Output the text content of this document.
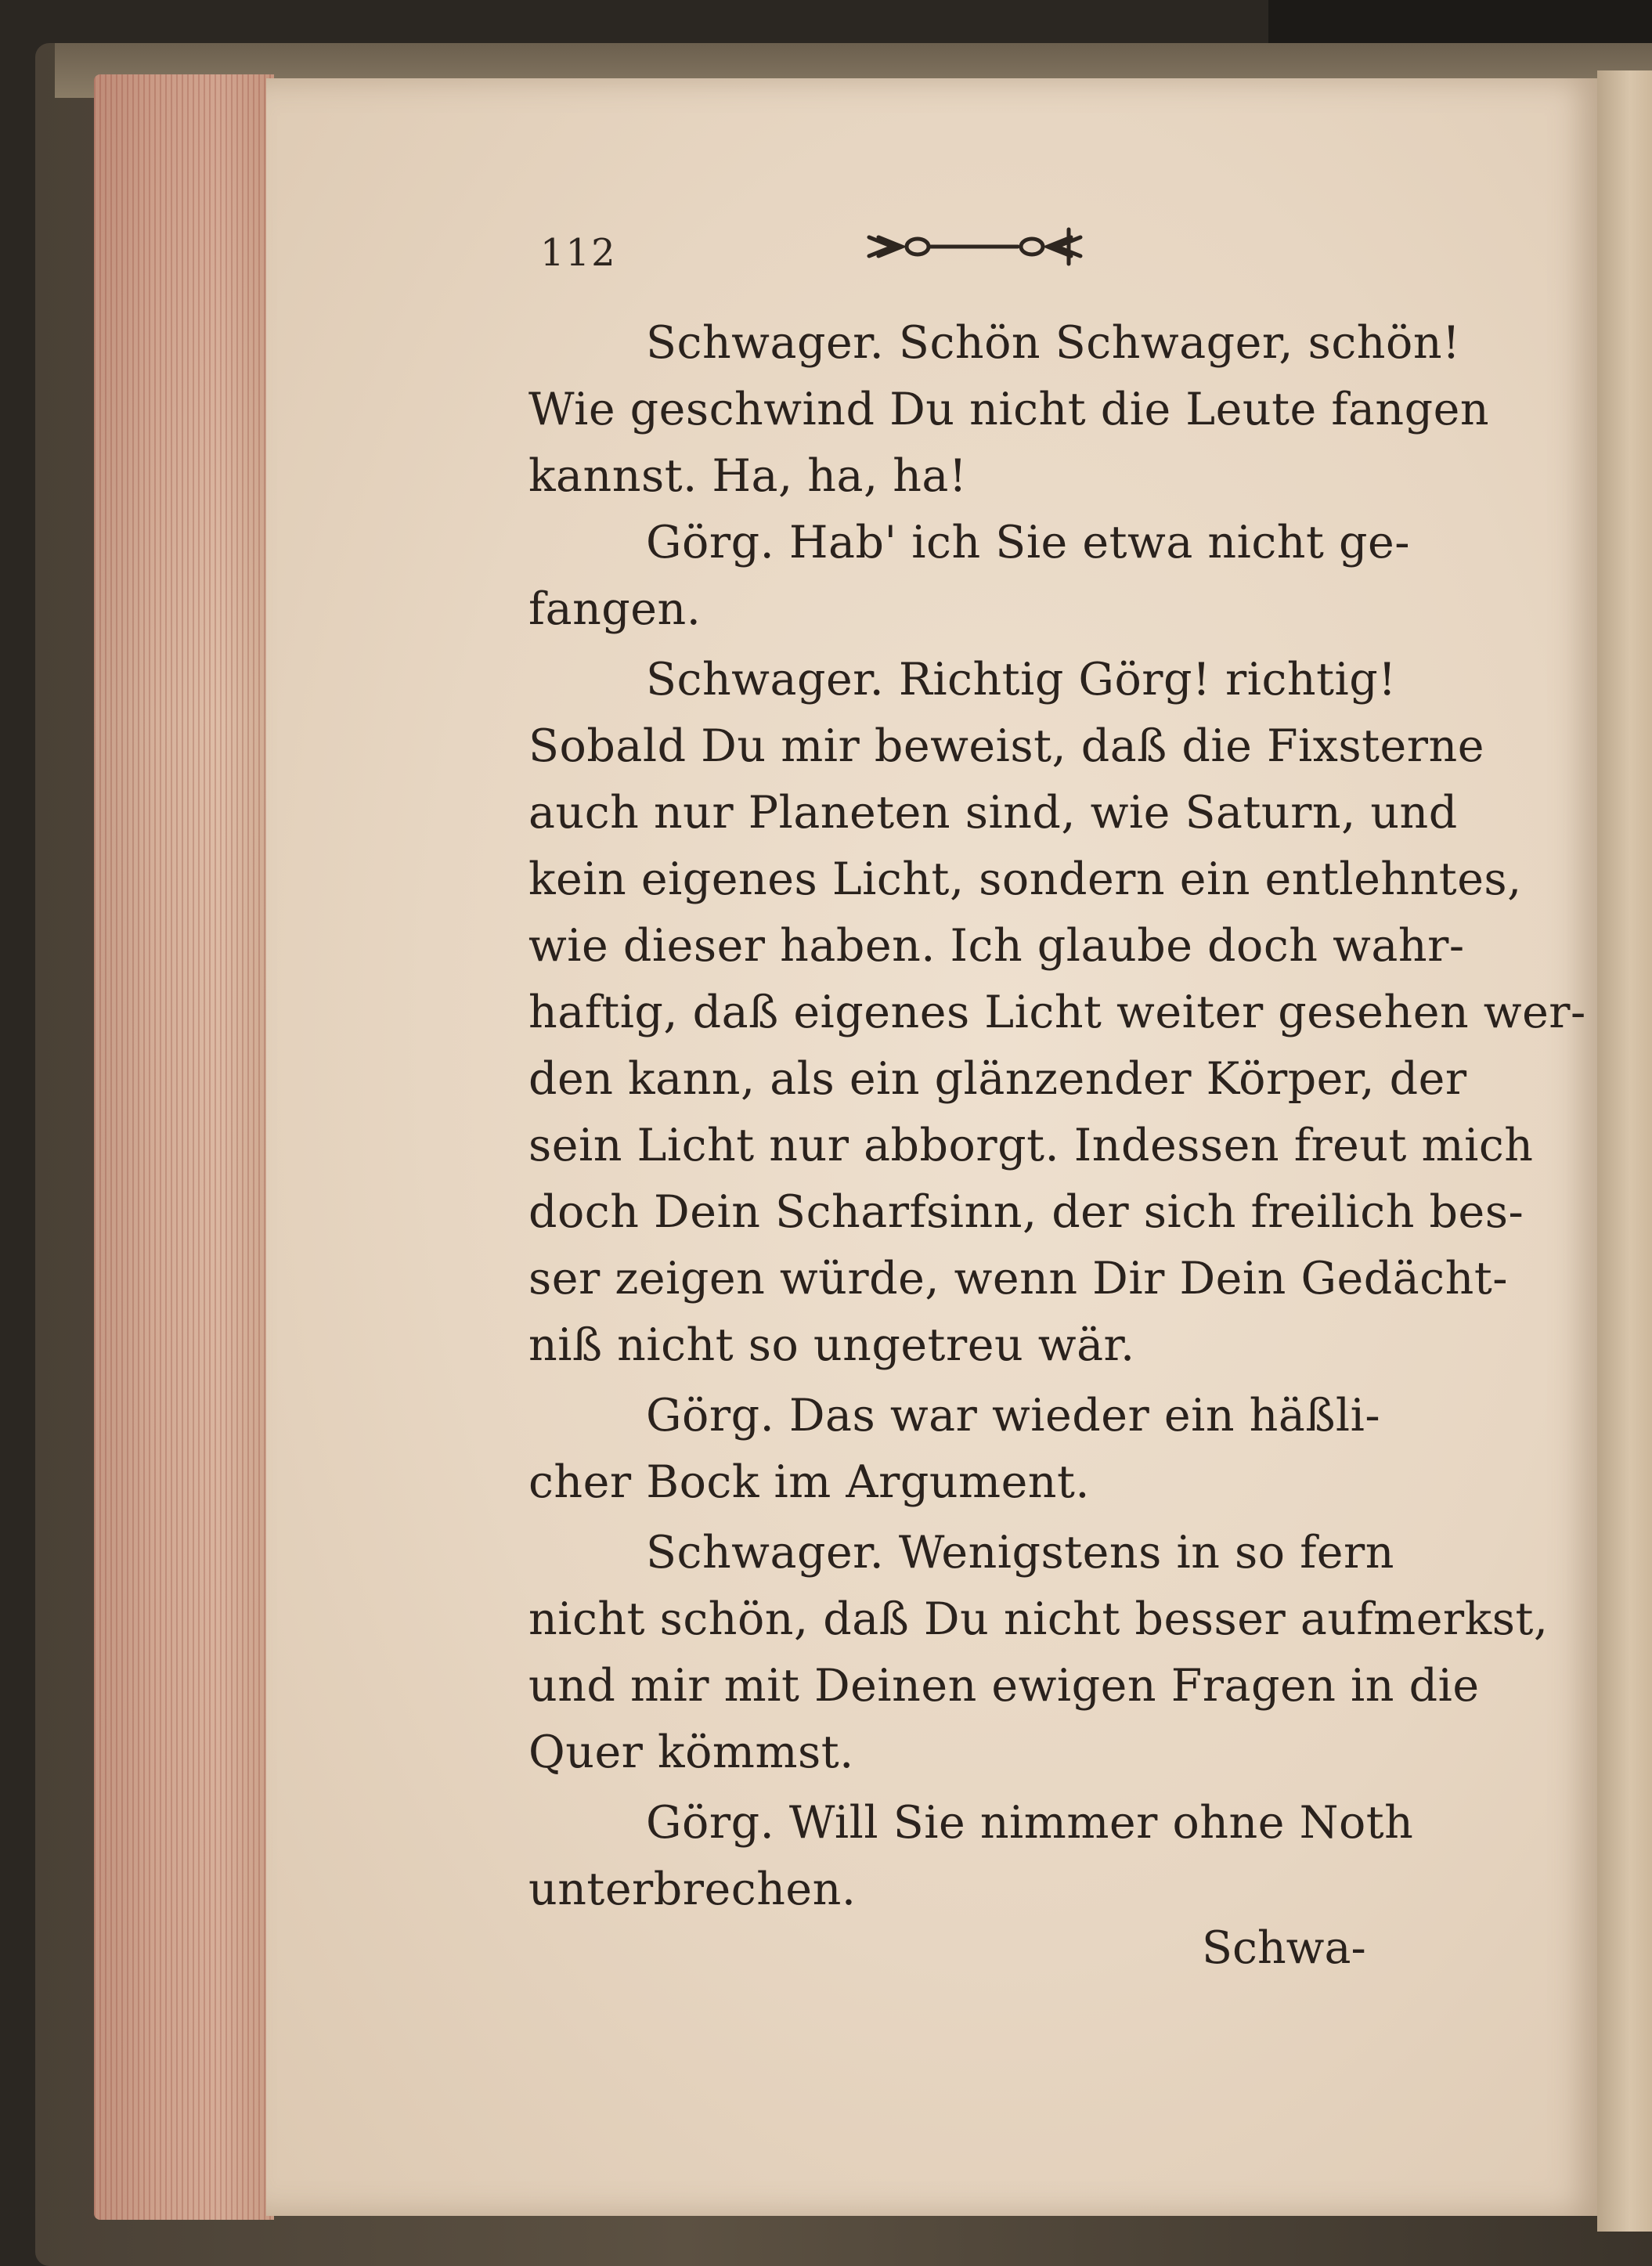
112
Schwager. Schön Schwager, schön!
Wie geschwind Du nicht die Leute fangen
kannst. Ha, ha, ha!
Görg. Hab' ich Sie etwa nicht ge-
fangen.
Schwager. Richtig Görg! richtig!
Sobald Du mir beweist, daß die Fixsterne
auch nur Planeten sind, wie Saturn, und
kein eigenes Licht, sondern ein entlehntes,
wie dieser haben. Ich glaube doch wahr-
haftig, daß eigenes Licht weiter gesehen wer-
den kann, als ein glänzender Körper, der
sein Licht nur abborgt. Indessen freut mich
doch Dein Scharfsinn, der sich freilich bes-
ser zeigen würde, wenn Dir Dein Gedächt-
niß nicht so ungetreu wär.
Görg. Das war wieder ein häßli-
cher Bock im Argument.
Schwager. Wenigstens in so fern
nicht schön, daß Du nicht besser aufmerkst,
und mir mit Deinen ewigen Fragen in die
Quer kömmst.
Görg. Will Sie nimmer ohne Noth
unterbrechen.
Schwa-
